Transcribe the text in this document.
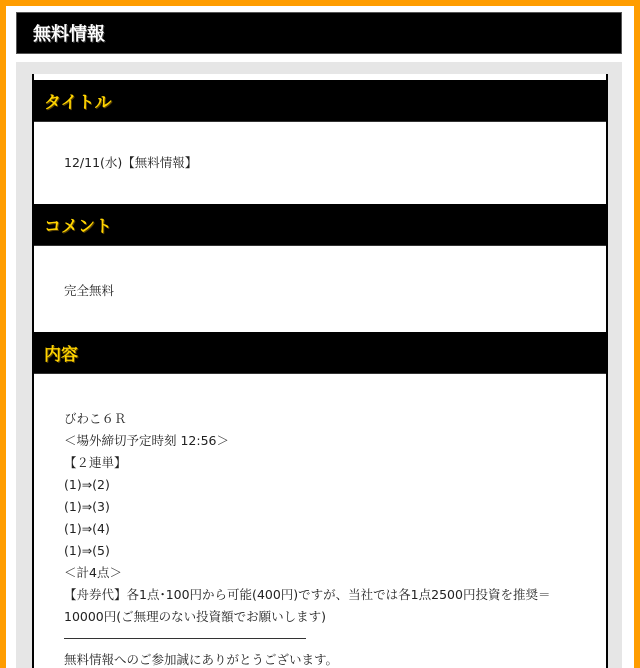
無料情報
タイトル
12/11(水)【無料情報】
コメント
完全無料
内容
びわこ６Ｒ
＜場外締切予定時刻 12:56＞
【２連単】
(1)⇒(2)
(1)⇒(3)
(1)⇒(4)
(1)⇒(5)
＜計4点＞
【舟券代】各1点･100円から可能(400円)ですが、当社では各1点2500円投資を推奨＝
10000円(ご無理のない投資額でお願いします)
無料情報へのご参加誠にありがとうございます。
